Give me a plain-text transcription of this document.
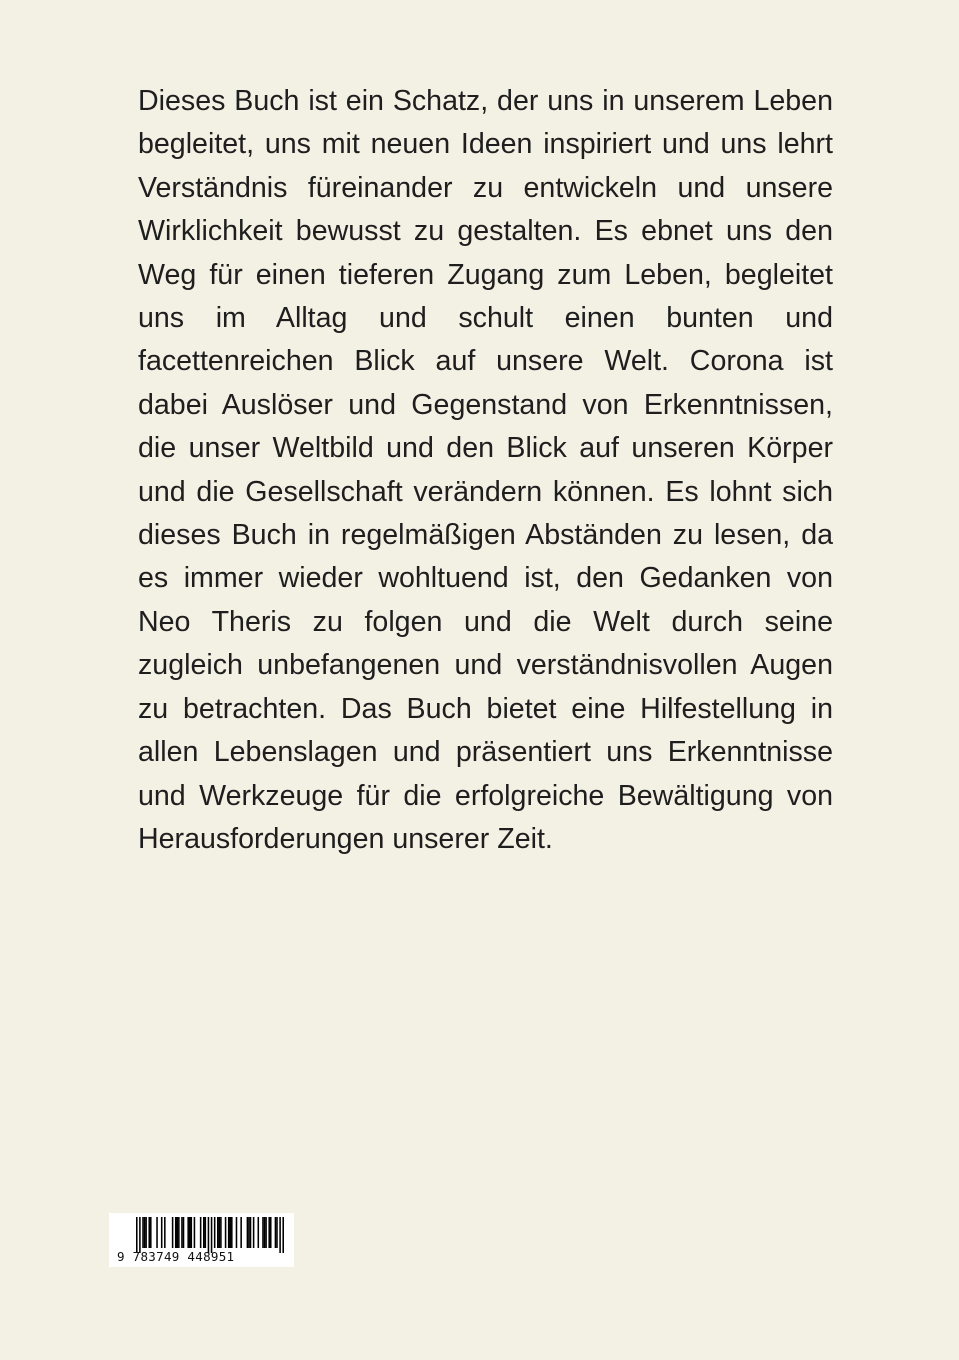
Dieses Buch ist ein Schatz, der uns in unserem Leben begleitet, uns mit neuen Ideen inspiriert und uns lehrt Verständnis füreinander zu entwickeln und unsere Wirklichkeit bewusst zu gestalten. Es ebnet uns den Weg für einen tieferen Zugang zum Leben, begleitet uns im Alltag und schult einen bunten und facettenreichen Blick auf unsere Welt. Corona ist dabei Auslöser und Gegenstand von Erkenntnissen, die unser Weltbild und den Blick auf unseren Körper und die Gesellschaft verändern können. Es lohnt sich dieses Buch in regelmäßigen Abständen zu lesen, da es immer wieder wohltuend ist, den Gedanken von Neo Theris zu folgen und die Welt durch seine zugleich unbefangenen und verständnisvollen Augen zu betrachten. Das Buch bietet eine Hilfestellung in allen Lebenslagen und präsentiert uns Erkenntnisse und Werkzeuge für die erfolgreiche Bewältigung von Herausforderungen unserer Zeit.

9 783749 448951
